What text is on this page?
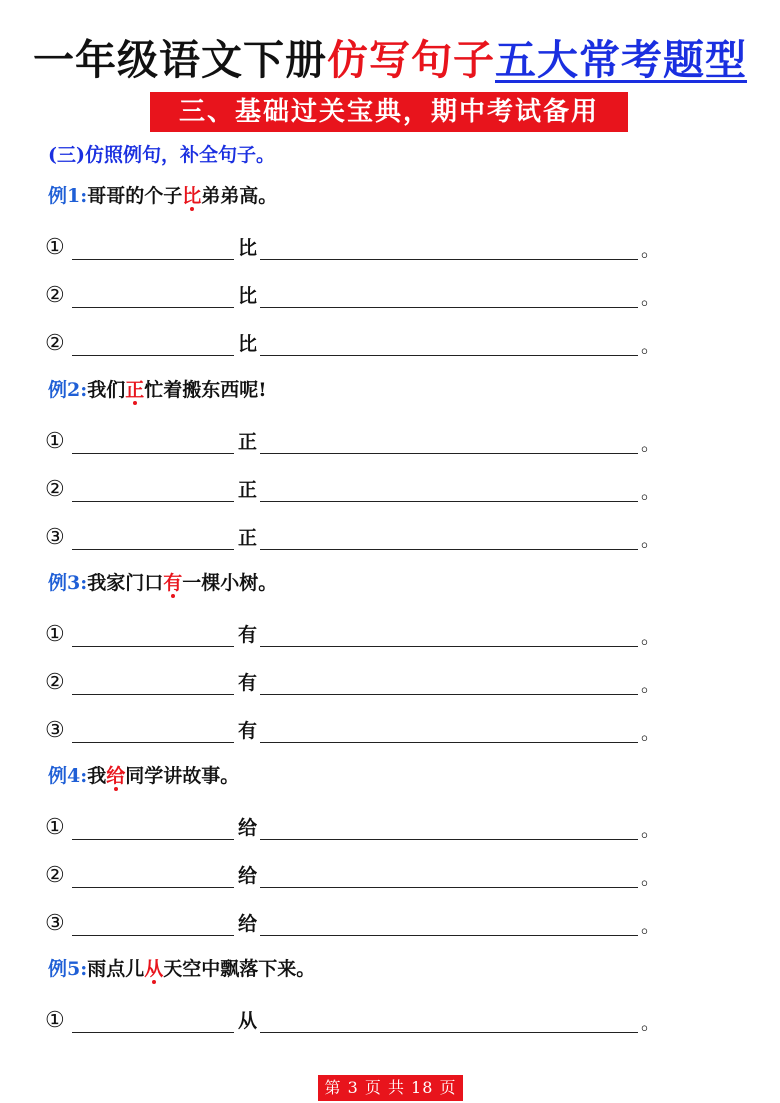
一年级语文下册仿写句子五大常考题型
三、基础过关宝典，期中考试备用
(三)仿照例句，补全句子。
例1:哥哥的个子比弟弟高。
①	比	。
②	比	。
②	比	。
例2:我们正忙着搬东西呢!
①	正	。
②	正	。
③	正	。
例3:我家门口有一棵小树。
①	有	。
②	有	。
③	有	。
例4:我给同学讲故事。
①	给	。
②	给	。
③	给	。
例5:雨点儿从天空中飘落下来。
①	从	。
第 3 页 共 18 页
